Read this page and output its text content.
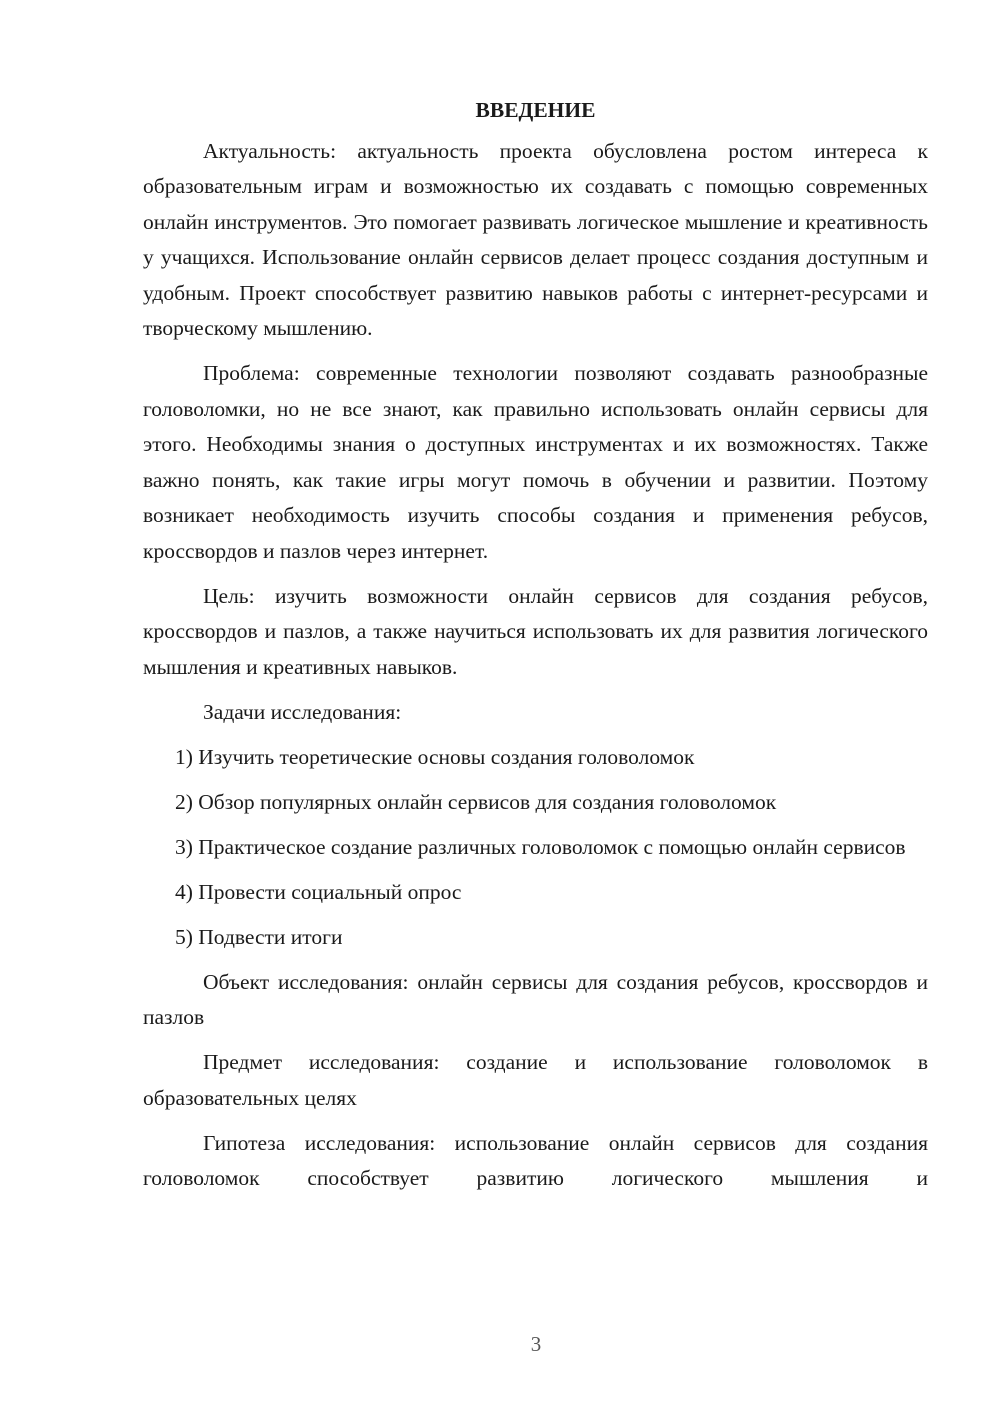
ВВЕДЕНИЕ

Актуальность: актуальность проекта обусловлена ростом интереса к образовательным играм и возможностью их создавать с помощью современных онлайн инструментов. Это помогает развивать логическое мышление и креативность у учащихся. Использование онлайн сервисов делает процесс создания доступным и удобным. Проект способствует развитию навыков работы с интернет-ресурсами и творческому мышлению.

Проблема: современные технологии позволяют создавать разнообразные головоломки, но не все знают, как правильно использовать онлайн сервисы для этого. Необходимы знания о доступных инструментах и их возможностях. Также важно понять, как такие игры могут помочь в обучении и развитии. Поэтому возникает необходимость изучить способы создания и применения ребусов, кроссвордов и пазлов через интернет.

Цель: изучить возможности онлайн сервисов для создания ребусов, кроссвордов и пазлов, а также научиться использовать их для развития логического мышления и креативных навыков.

Задачи исследования:

1) Изучить теоретические основы создания головоломок

2) Обзор популярных онлайн сервисов для создания головоломок

3) Практическое создание различных головоломок с помощью онлайн сервисов

4) Провести социальный опрос

5) Подвести итоги

Объект исследования: онлайн сервисы для создания ребусов, кроссвордов и пазлов

Предмет исследования: создание и использование головоломок в образовательных целях

Гипотеза исследования: использование онлайн сервисов для создания головоломок способствует развитию логического мышления и

3
